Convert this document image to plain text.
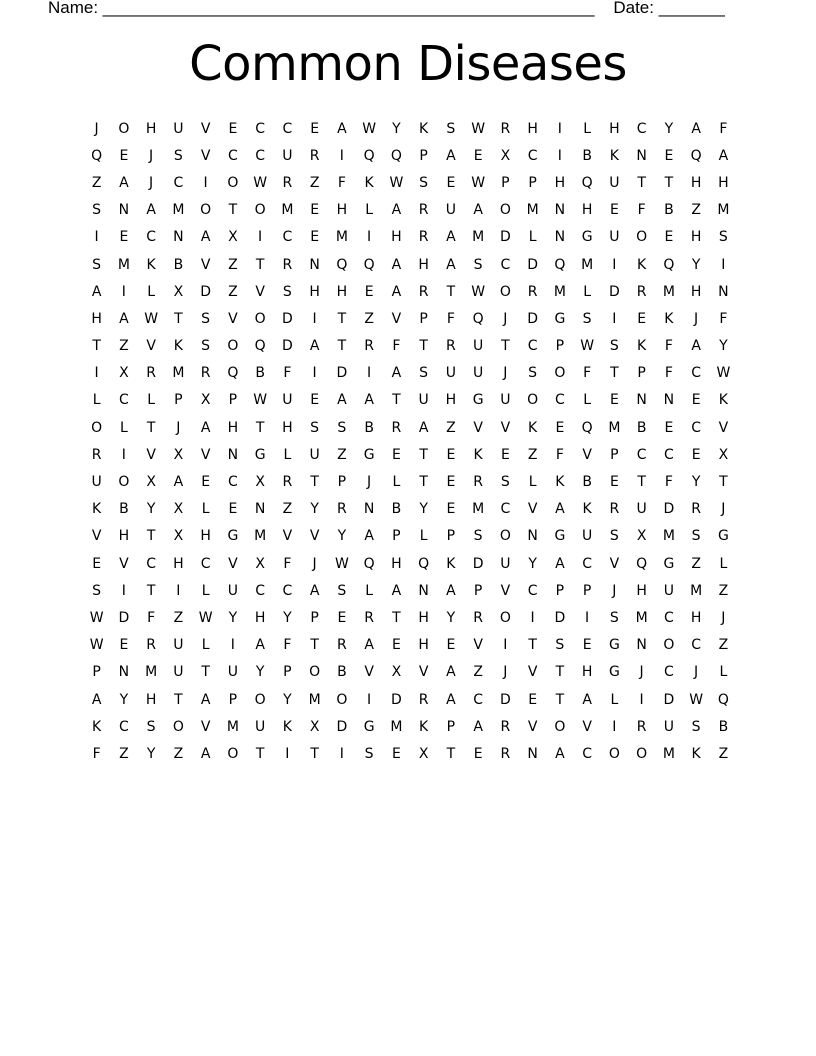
Name: ____________________________________________________ Date: _______
Common Diseases
J	O	H	U	V	E	C	C	E	A	W	Y	K	S	W	R	H	I	L	H	C	Y	A	F
Q	E	J	S	V	C	C	U	R	I	Q	Q	P	A	E	X	C	I	B	K	N	E	Q	A
Z	A	J	C	I	O	W	R	Z	F	K	W	S	E	W	P	P	H	Q	U	T	T	H	H
S	N	A	M	O	T	O	M	E	H	L	A	R	U	A	O	M	N	H	E	F	B	Z	M
I	E	C	N	A	X	I	C	E	M	I	H	R	A	M	D	L	N	G	U	O	E	H	S
S	M	K	B	V	Z	T	R	N	Q	Q	A	H	A	S	C	D	Q	M	I	K	Q	Y	I
A	I	L	X	D	Z	V	S	H	H	E	A	R	T	W	O	R	M	L	D	R	M	H	N
H	A	W	T	S	V	O	D	I	T	Z	V	P	F	Q	J	D	G	S	I	E	K	J	F
T	Z	V	K	S	O	Q	D	A	T	R	F	T	R	U	T	C	P	W	S	K	F	A	Y
I	X	R	M	R	Q	B	F	I	D	I	A	S	U	U	J	S	O	F	T	P	F	C	W
L	C	L	P	X	P	W	U	E	A	A	T	U	H	G	U	O	C	L	E	N	N	E	K
O	L	T	J	A	H	T	H	S	S	B	R	A	Z	V	V	K	E	Q	M	B	E	C	V
R	I	V	X	V	N	G	L	U	Z	G	E	T	E	K	E	Z	F	V	P	C	C	E	X
U	O	X	A	E	C	X	R	T	P	J	L	T	E	R	S	L	K	B	E	T	F	Y	T
K	B	Y	X	L	E	N	Z	Y	R	N	B	Y	E	M	C	V	A	K	R	U	D	R	J
V	H	T	X	H	G	M	V	V	Y	A	P	L	P	S	O	N	G	U	S	X	M	S	G
E	V	C	H	C	V	X	F	J	W	Q	H	Q	K	D	U	Y	A	C	V	Q	G	Z	L
S	I	T	I	L	U	C	C	A	S	L	A	N	A	P	V	C	P	P	J	H	U	M	Z
W	D	F	Z	W	Y	H	Y	P	E	R	T	H	Y	R	O	I	D	I	S	M	C	H	J
W	E	R	U	L	I	A	F	T	R	A	E	H	E	V	I	T	S	E	G	N	O	C	Z
P	N	M	U	T	U	Y	P	O	B	V	X	V	A	Z	J	V	T	H	G	J	C	J	L
A	Y	H	T	A	P	O	Y	M	O	I	D	R	A	C	D	E	T	A	L	I	D	W	Q
K	C	S	O	V	M	U	K	X	D	G	M	K	P	A	R	V	O	V	I	R	U	S	B
F	Z	Y	Z	A	O	T	I	T	I	S	E	X	T	E	R	N	A	C	O	O	M	K	Z
